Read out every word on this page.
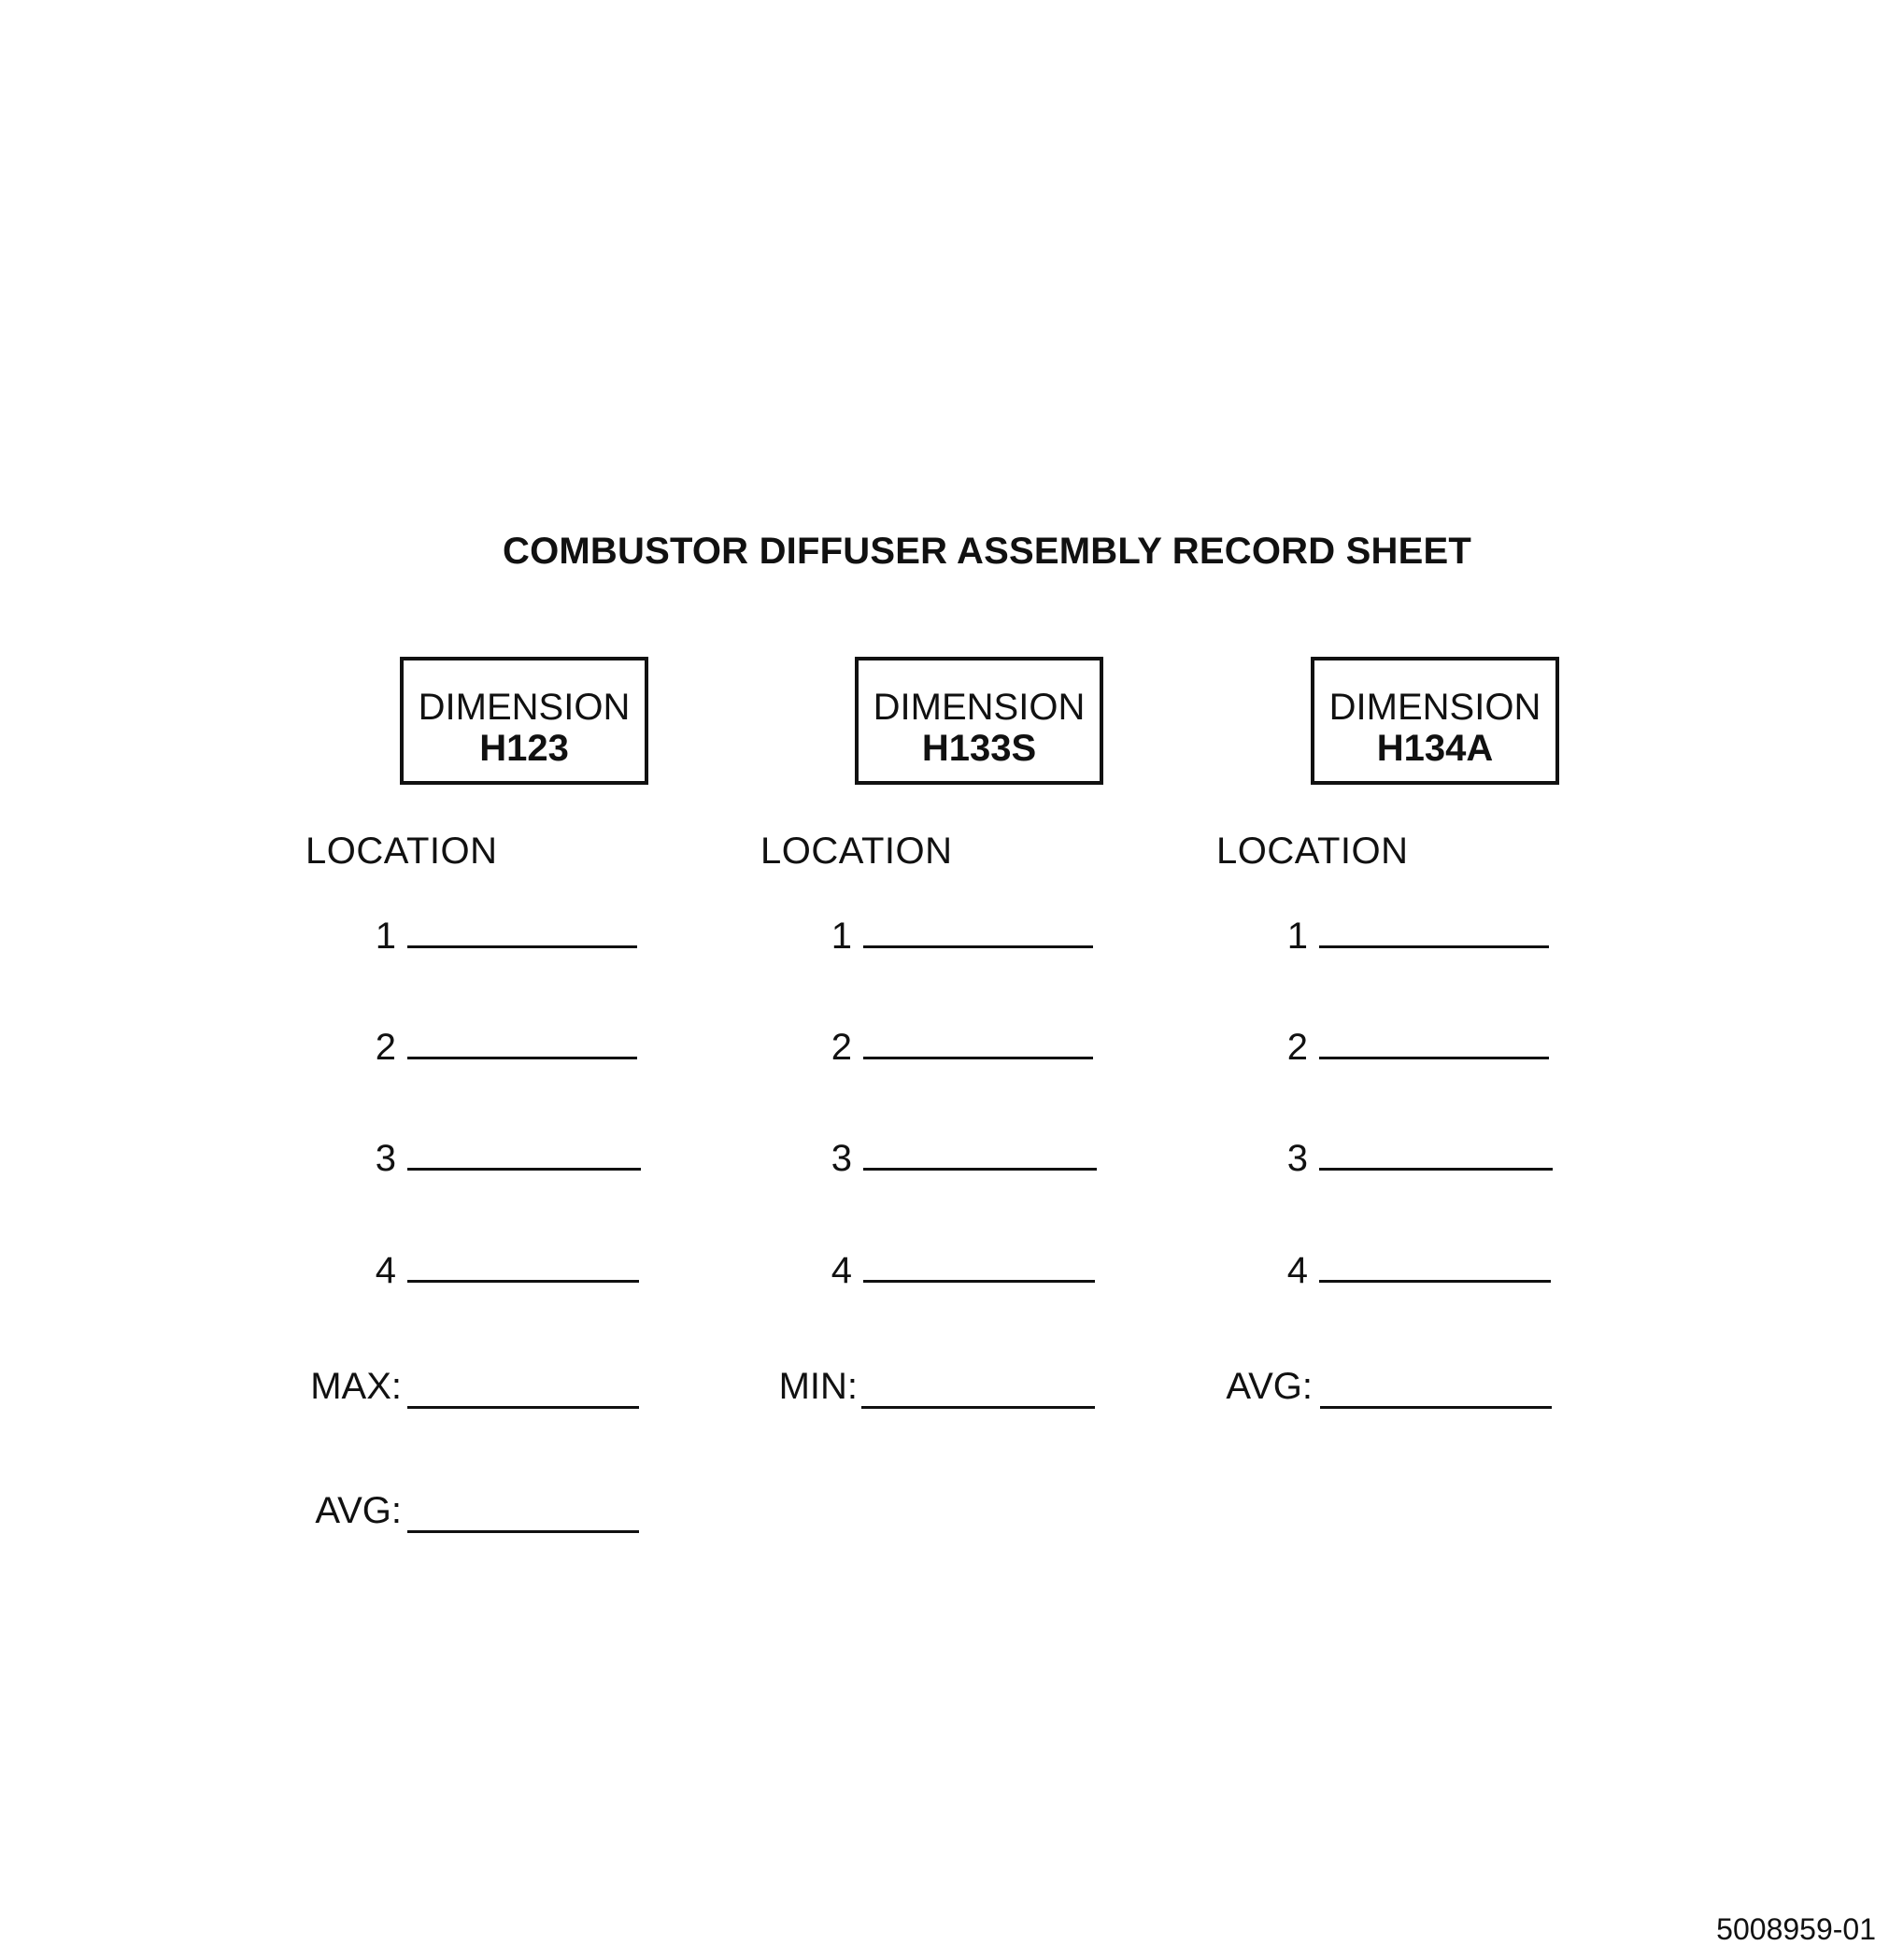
COMBUSTOR DIFFUSER ASSEMBLY RECORD SHEET
DIMENSION
H123
LOCATION
1
2
3
4
MAX:
AVG:
DIMENSION
H133S
LOCATION
1
2
3
4
MIN:
DIMENSION
H134A
LOCATION
1
2
3
4
AVG:
5008959-01
